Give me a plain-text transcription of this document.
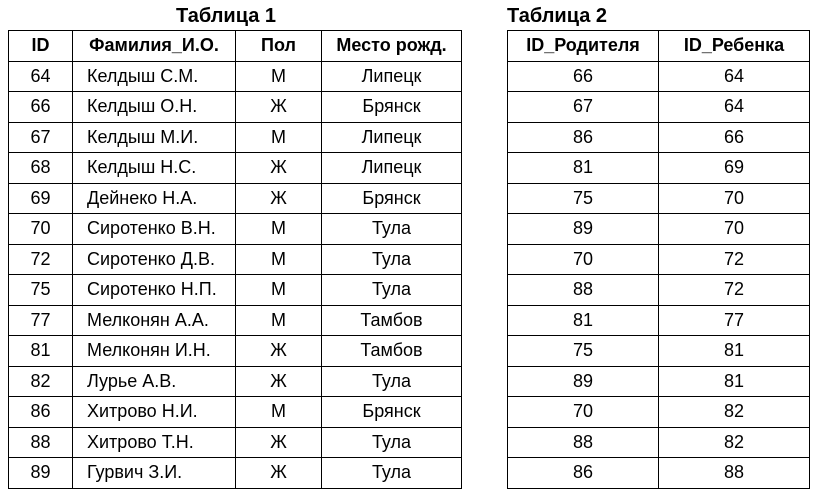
Таблица 1	Таблица 2
ID	Фамилия_И.О.	Пол	Место рожд.
64	Келдыш С.М.	М	Липецк
66	Келдыш О.Н.	Ж	Брянск
67	Келдыш М.И.	М	Липецк
68	Келдыш Н.С.	Ж	Липецк
69	Дейнеко Н.А.	Ж	Брянск
70	Сиротенко В.Н.	М	Тула
72	Сиротенко Д.В.	М	Тула
75	Сиротенко Н.П.	М	Тула
77	Мелконян А.А.	М	Тамбов
81	Мелконян И.Н.	Ж	Тамбов
82	Лурье А.В.	Ж	Тула
86	Хитрово Н.И.	М	Брянск
88	Хитрово Т.Н.	Ж	Тула
89	Гурвич З.И.	Ж	Тула
ID_Родителя	ID_Ребенка
66	64
67	64
86	66
81	69
75	70
89	70
70	72
88	72
81	77
75	81
89	81
70	82
88	82
86	88
